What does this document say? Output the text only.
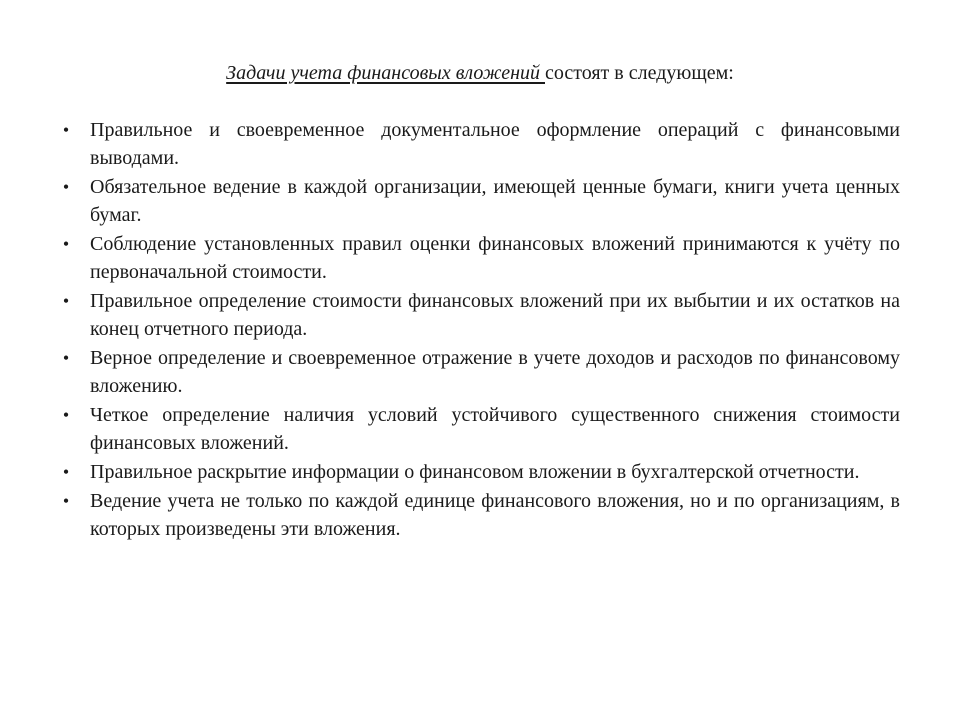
Задачи учета финансовых вложений состоят в следующем:
• Правильное и своевременное документальное оформление операций с финансовыми выводами.
• Обязательное ведение в каждой организации, имеющей ценные бумаги, книги учета ценных бумаг.
• Соблюдение установленных правил оценки финансовых вложений принимаются к учёту по первоначальной стоимости.
• Правильное определение стоимости финансовых вложений при их выбытии и их остатков на конец отчетного периода.
• Верное определение и своевременное отражение в учете доходов и расходов по финансовому вложению.
• Четкое определение наличия условий устойчивого существенного снижения стоимости финансовых вложений.
• Правильное раскрытие информации о финансовом вложении в бухгалтерской отчетности.
• Ведение учета не только по каждой единице финансового вложения, но и по организациям, в которых произведены эти вложения.
